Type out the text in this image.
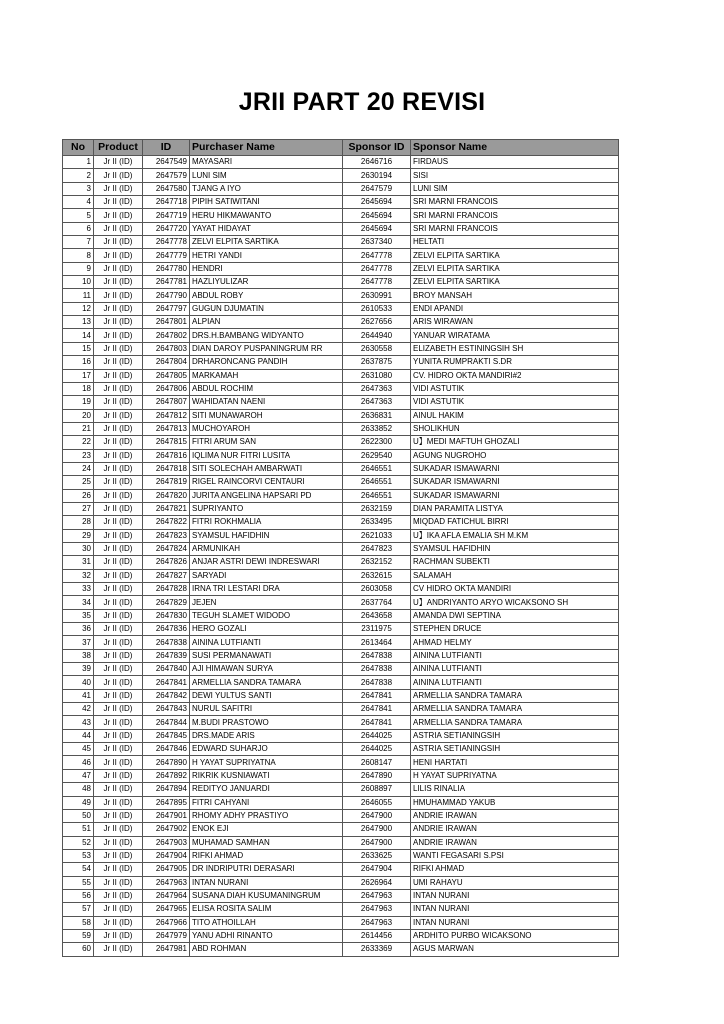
JRII PART 20 REVISI
No	Product	ID	Purchaser Name	Sponsor ID	Sponsor Name
1	Jr II (ID)	2647549	MAYASARI	2646716	FIRDAUS
2	Jr II (ID)	2647579	LUNI SIM	2630194	SISI
3	Jr II (ID)	2647580	TJANG A IYO	2647579	LUNI SIM
4	Jr II (ID)	2647718	PIPIH SATIWITANI	2645694	SRI MARNI FRANCOIS
5	Jr II (ID)	2647719	HERU HIKMAWANTO	2645694	SRI MARNI FRANCOIS
6	Jr II (ID)	2647720	YAYAT HIDAYAT	2645694	SRI MARNI FRANCOIS
7	Jr II (ID)	2647778	ZELVI ELPITA SARTIKA	2637340	HELTATI
8	Jr II (ID)	2647779	HETRI YANDI	2647778	ZELVI ELPITA SARTIKA
9	Jr II (ID)	2647780	HENDRI	2647778	ZELVI ELPITA SARTIKA
10	Jr II (ID)	2647781	HAZLIYULIZAR	2647778	ZELVI ELPITA SARTIKA
11	Jr II (ID)	2647790	ABDUL ROBY	2630991	BROY MANSAH
12	Jr II (ID)	2647797	GUGUN DJUMATIN	2610533	ENDI APANDI
13	Jr II (ID)	2647801	ALPIAN	2627656	ARIS WIRAWAN
14	Jr II (ID)	2647802	DRS.H.BAMBANG WIDYANTO	2644940	YANUAR WIRATAMA
15	Jr II (ID)	2647803	DIAN DAROY PUSPANINGRUM RR	2630558	ELIZABETH ESTININGSIH SH
16	Jr II (ID)	2647804	DRHARONCANG PANDIH	2637875	YUNITA RUMPRAKTI S.DR
17	Jr II (ID)	2647805	MARKAMAH	2631080	CV. HIDRO OKTA MANDIRI#2
18	Jr II (ID)	2647806	ABDUL ROCHIM	2647363	VIDI ASTUTIK
19	Jr II (ID)	2647807	WAHIDATAN NAENI	2647363	VIDI ASTUTIK
20	Jr II (ID)	2647812	SITI MUNAWAROH	2636831	AINUL HAKIM
21	Jr II (ID)	2647813	MUCHOYAROH	2633852	SHOLIKHUN
22	Jr II (ID)	2647815	FITRI ARUM SAN	2622300	U】MEDI MAFTUH GHOZALI
23	Jr II (ID)	2647816	IQLIMA NUR FITRI LUSITA	2629540	AGUNG NUGROHO
24	Jr II (ID)	2647818	SITI SOLECHAH AMBARWATI	2646551	SUKADAR ISMAWARNI
25	Jr II (ID)	2647819	RIGEL RAINCORVI CENTAURI	2646551	SUKADAR ISMAWARNI
26	Jr II (ID)	2647820	JURITA ANGELINA HAPSARI PD	2646551	SUKADAR ISMAWARNI
27	Jr II (ID)	2647821	SUPRIYANTO	2632159	DIAN PARAMITA LISTYA
28	Jr II (ID)	2647822	FITRI ROKHMALIA	2633495	MIQDAD FATICHUL BIRRI
29	Jr II (ID)	2647823	SYAMSUL HAFIDHIN	2621033	U】IKA AFLA EMALIA SH M.KM
30	Jr II (ID)	2647824	ARMUNIKAH	2647823	SYAMSUL HAFIDHIN
31	Jr II (ID)	2647826	ANJAR ASTRI DEWI INDRESWARI	2632152	RACHMAN SUBEKTI
32	Jr II (ID)	2647827	SARYADI	2632615	SALAMAH
33	Jr II (ID)	2647828	IRNA TRI LESTARI DRA	2603058	CV HIDRO OKTA MANDIRI
34	Jr II (ID)	2647829	JEJEN	2637764	U】ANDRIYANTO ARYO WICAKSONO SH
35	Jr II (ID)	2647830	TEGUH SLAMET WIDODO	2643658	AMANDA DWI SEPTINA
36	Jr II (ID)	2647836	HERO GOZALI	2311975	STEPHEN DRUCE
37	Jr II (ID)	2647838	AININA LUTFIANTI	2613464	AHMAD HELMY
38	Jr II (ID)	2647839	SUSI PERMANAWATI	2647838	AININA LUTFIANTI
39	Jr II (ID)	2647840	AJI HIMAWAN SURYA	2647838	AININA LUTFIANTI
40	Jr II (ID)	2647841	ARMELLIA SANDRA TAMARA	2647838	AININA LUTFIANTI
41	Jr II (ID)	2647842	DEWI YULTUS SANTI	2647841	ARMELLIA SANDRA TAMARA
42	Jr II (ID)	2647843	NURUL SAFITRI	2647841	ARMELLIA SANDRA TAMARA
43	Jr II (ID)	2647844	M.BUDI PRASTOWO	2647841	ARMELLIA SANDRA TAMARA
44	Jr II (ID)	2647845	DRS.MADE ARIS	2644025	ASTRIA SETIANINGSIH
45	Jr II (ID)	2647846	EDWARD SUHARJO	2644025	ASTRIA SETIANINGSIH
46	Jr II (ID)	2647890	H YAYAT SUPRIYATNA	2608147	HENI HARTATI
47	Jr II (ID)	2647892	RIKRIK KUSNIAWATI	2647890	H YAYAT SUPRIYATNA
48	Jr II (ID)	2647894	REDITYO JANUARDI	2608897	LILIS RINALIA
49	Jr II (ID)	2647895	FITRI CAHYANI	2646055	HMUHAMMAD YAKUB
50	Jr II (ID)	2647901	RHOMY ADHY PRASTIYO	2647900	ANDRIE IRAWAN
51	Jr II (ID)	2647902	ENOK EJI	2647900	ANDRIE IRAWAN
52	Jr II (ID)	2647903	MUHAMAD SAMHAN	2647900	ANDRIE IRAWAN
53	Jr II (ID)	2647904	RIFKI AHMAD	2633625	WANTI FEGASARI S.PSI
54	Jr II (ID)	2647905	DR INDRIPUTRI DERASARI	2647904	RIFKI AHMAD
55	Jr II (ID)	2647963	INTAN NURANI	2626964	UMI RAHAYU
56	Jr II (ID)	2647964	SUSANA DIAH KUSUMANINGRUM	2647963	INTAN NURANI
57	Jr II (ID)	2647965	ELISA ROSITA SALIM	2647963	INTAN NURANI
58	Jr II (ID)	2647966	TITO ATHOILLAH	2647963	INTAN NURANI
59	Jr II (ID)	2647979	YANU ADHI RINANTO	2614456	ARDHITO PURBO WICAKSONO
60	Jr II (ID)	2647981	ABD ROHMAN	2633369	AGUS MARWAN
